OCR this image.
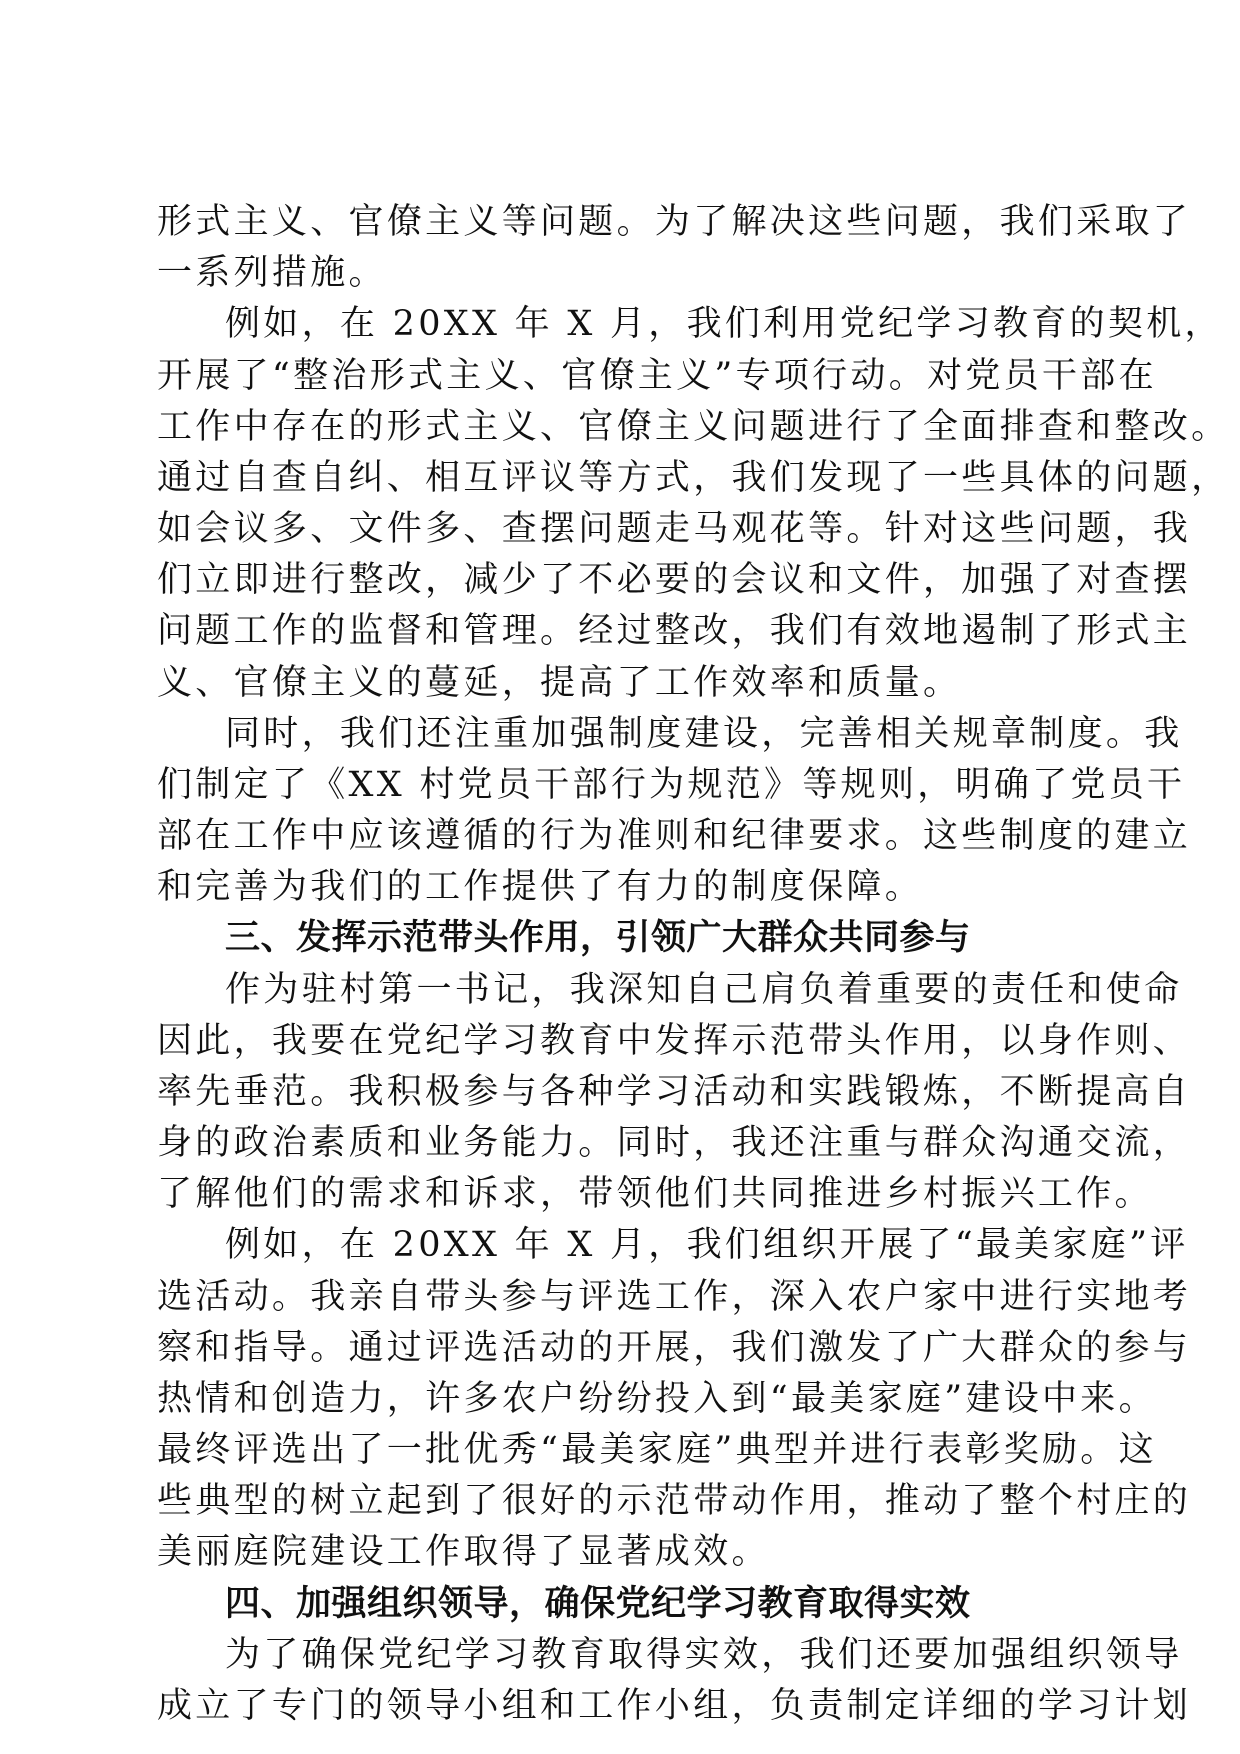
形式主义、官僚主义等问题。为了解决这些问题，我们采取了
一系列措施。
例如，在 20XX 年 X 月，我们利用党纪学习教育的契机，
开展了“整治形式主义、官僚主义”专项行动。对党员干部在
工作中存在的形式主义、官僚主义问题进行了全面排查和整改。
通过自查自纠、相互评议等方式，我们发现了一些具体的问题，
如会议多、文件多、查摆问题走马观花等。针对这些问题，我
们立即进行整改，减少了不必要的会议和文件，加强了对查摆
问题工作的监督和管理。经过整改，我们有效地遏制了形式主
义、官僚主义的蔓延，提高了工作效率和质量。
同时，我们还注重加强制度建设，完善相关规章制度。我
们制定了《XX 村党员干部行为规范》等规则，明确了党员干
部在工作中应该遵循的行为准则和纪律要求。这些制度的建立
和完善为我们的工作提供了有力的制度保障。
三、发挥示范带头作用，引领广大群众共同参与
作为驻村第一书记，我深知自己肩负着重要的责任和使命
因此，我要在党纪学习教育中发挥示范带头作用，以身作则、
率先垂范。我积极参与各种学习活动和实践锻炼，不断提高自
身的政治素质和业务能力。同时，我还注重与群众沟通交流，
了解他们的需求和诉求，带领他们共同推进乡村振兴工作。
例如，在 20XX 年 X 月，我们组织开展了“最美家庭”评
选活动。我亲自带头参与评选工作，深入农户家中进行实地考
察和指导。通过评选活动的开展，我们激发了广大群众的参与
热情和创造力，许多农户纷纷投入到“最美家庭”建设中来。
最终评选出了一批优秀“最美家庭”典型并进行表彰奖励。这
些典型的树立起到了很好的示范带动作用，推动了整个村庄的
美丽庭院建设工作取得了显著成效。
四、加强组织领导，确保党纪学习教育取得实效
为了确保党纪学习教育取得实效，我们还要加强组织领导
成立了专门的领导小组和工作小组，负责制定详细的学习计划
